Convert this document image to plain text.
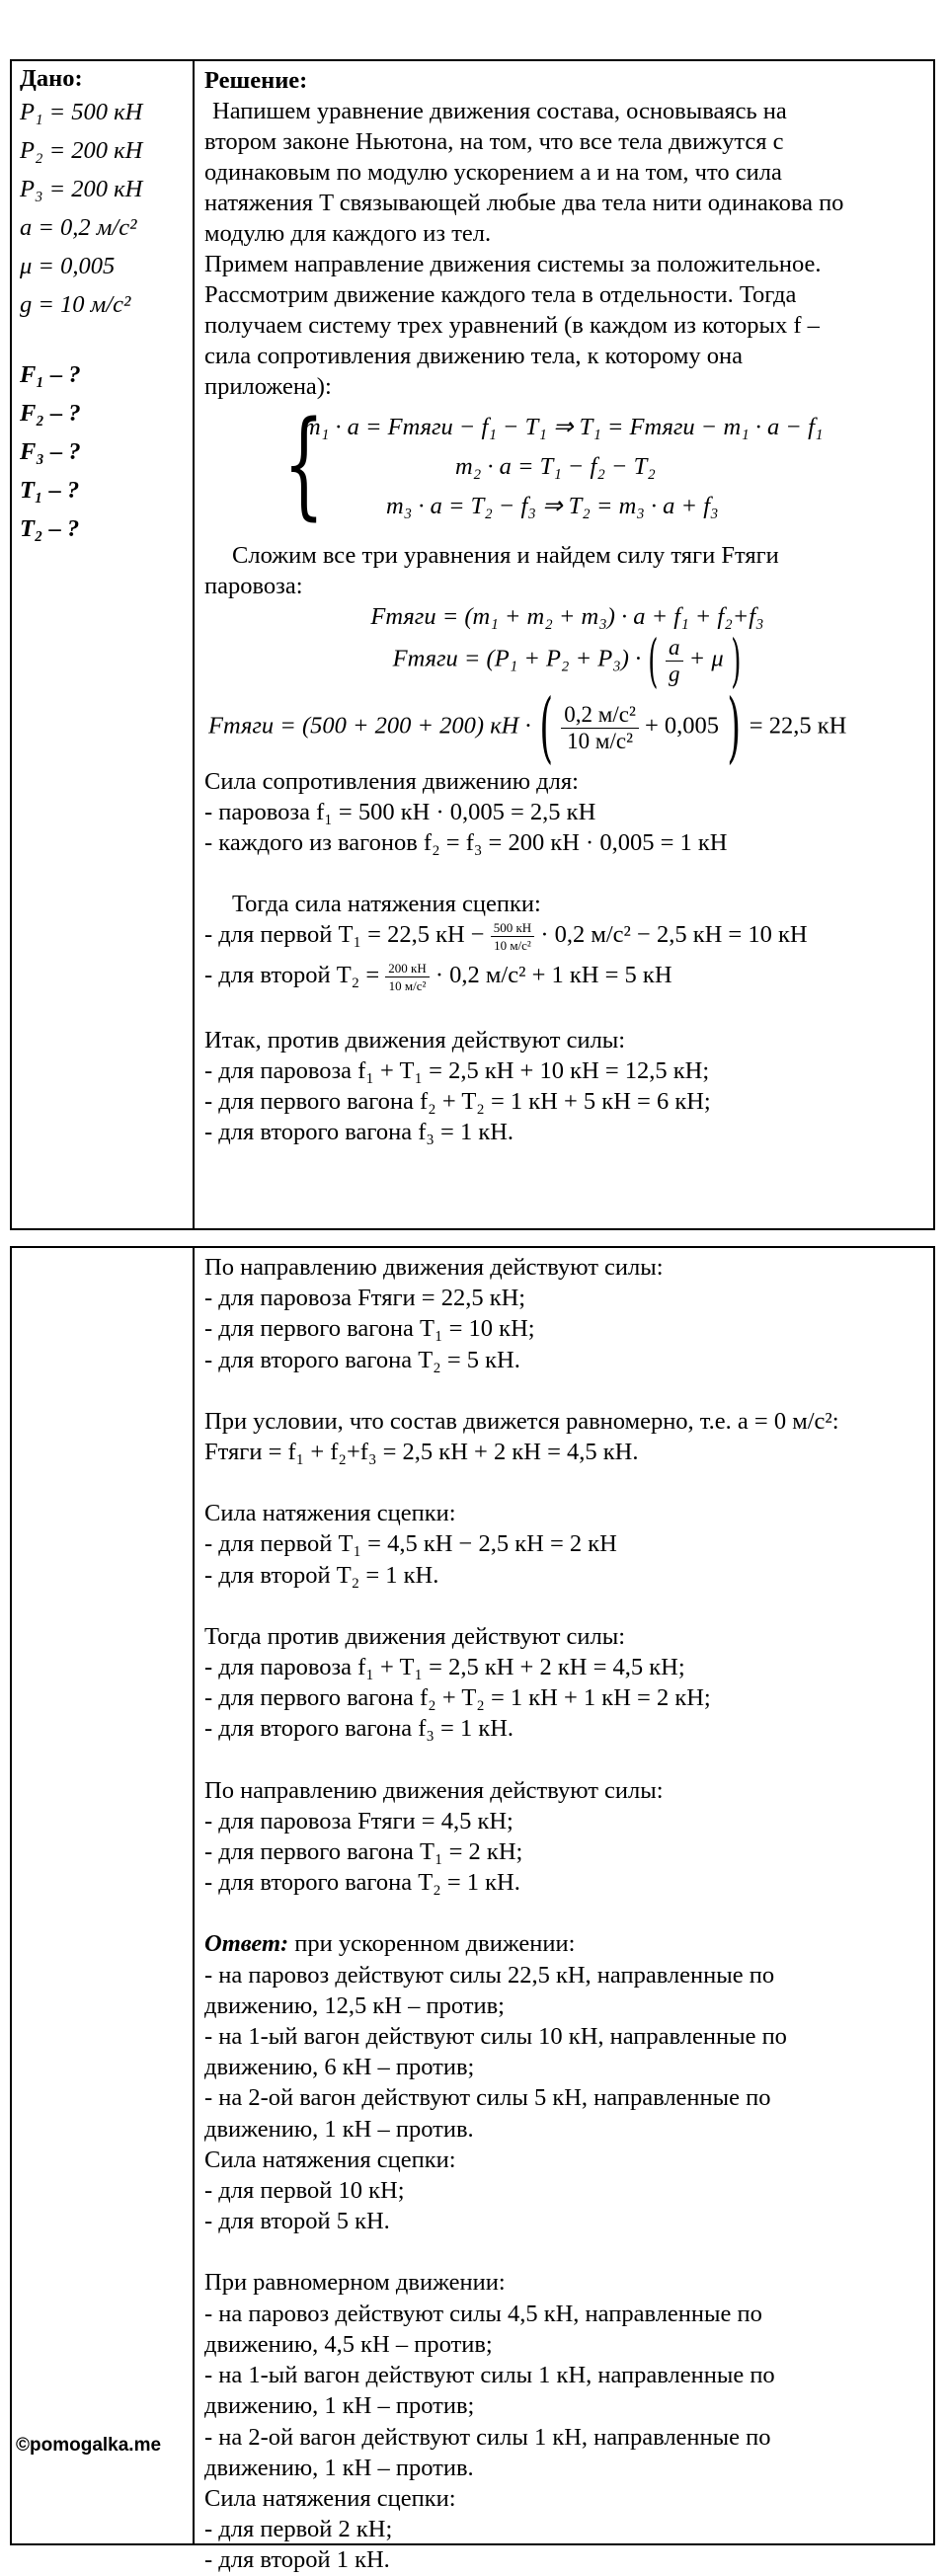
Дано:
P₁ = 500 кН
P₂ = 200 кН
P₃ = 200 кН
a = 0,2 м/с²
μ = 0,005
g = 10 м/с²
F₁ – ?
F₂ – ?
F₃ – ?
T₁ – ?
T₂ – ?
Решение:
Напишем уравнение движения состава, основываясь на
втором законе Ньютона, на том, что все тела движутся с
одинаковым по модулю ускорением a и на том, что сила
натяжения T связывающей любые два тела нити одинакова по
модулю для каждого из тел.
Примем направление движения системы за положительное.
Рассмотрим движение каждого тела в отдельности. Тогда
получаем систему трех уравнений (в каждом из которых f –
сила сопротивления движению тела, к которому она
приложена):
{
m₁ · a = Fтяги − f₁ − T₁ ⇒ T₁ = Fтяги − m₁ · a − f₁
m₂ · a = T₁ − f₂ − T₂
m₃ · a = T₂ − f₃ ⇒ T₂ = m₃ · a + f₃
Сложим все три уравнения и найдем силу тяги Fтяги
паровоза:
Fтяги = (m₁ + m₂ + m₃) · a + f₁ + f₂+f₃
Fтяги = (P₁ + P₂ + P₃) · ( $\frac{a}{g} + \mu$ )
Fтяги = (500 + 200 + 200) кН · ( $\frac{\text{0,2 м/с²}}{\text{10 м/с²}} + 0,005$ ) = 22,5 кН
Сила сопротивления движению для:
- паровоза f₁ = 500 кН · 0,005 = 2,5 кН
- каждого из вагонов f₂ = f₃ = 200 кН · 0,005 = 1 кН
Тогда сила натяжения сцепки:
- для первой T₁ = 22,5 кН − $\frac{500 кН}{\text{10 м/с²}} \cdot 0,2$ м/с² − 2,5 кН = 10 кН
- для второй $T_2 = \frac{200 кН}{\text{10 м/с²}} \cdot 0,2$ м/с² + 1 кН = 5 кН
Итак, против движения действуют силы:
- для паровоза f₁ + T₁ = 2,5 кН + 10 кН = 12,5 кН;
- для первого вагона f₂ + T₂ = 1 кН + 5 кН = 6 кН;
- для второго вагона f₃ = 1 кН.
По направлению движения действуют силы:
- для паровоза Fтяги = 22,5 кН;
- для первого вагона T₁ = 10 кН;
- для второго вагона T₂ = 5 кН.
При условии, что состав движется равномерно, т.е. a = 0 м/с²:
Fтяги = f₁ + f₂+f₃ = 2,5 кН + 2 кН = 4,5 кН.
Сила натяжения сцепки:
- для первой T₁ = 4,5 кН − 2,5 кН = 2 кН
- для второй T₂ = 1 кН.
Тогда против движения действуют силы:
- для паровоза f₁ + T₁ = 2,5 кН + 2 кН = 4,5 кН;
- для первого вагона f₂ + T₂ = 1 кН + 1 кН = 2 кН;
- для второго вагона f₃ = 1 кН.
По направлению движения действуют силы:
- для паровоза Fтяги = 4,5 кН;
- для первого вагона T₁ = 2 кН;
- для второго вагона T₂ = 1 кН.
Ответ: при ускоренном движении:
- на паровоз действуют силы 22,5 кН, направленные по
движению, 12,5 кН – против;
- на 1-ый вагон действуют силы 10 кН, направленные по
движению, 6 кН – против;
- на 2-ой вагон действуют силы 5 кН, направленные по
движению, 1 кН – против.
Сила натяжения сцепки:
- для первой 10 кН;
- для второй 5 кН.
При равномерном движении:
- на паровоз действуют силы 4,5 кН, направленные по
движению, 4,5 кН – против;
- на 1-ый вагон действуют силы 1 кН, направленные по
движению, 1 кН – против;
- на 2-ой вагон действуют силы 1 кН, направленные по
движению, 1 кН – против.
Сила натяжения сцепки:
- для первой 2 кН;
- для второй 1 кН.
©pomogalka.me
